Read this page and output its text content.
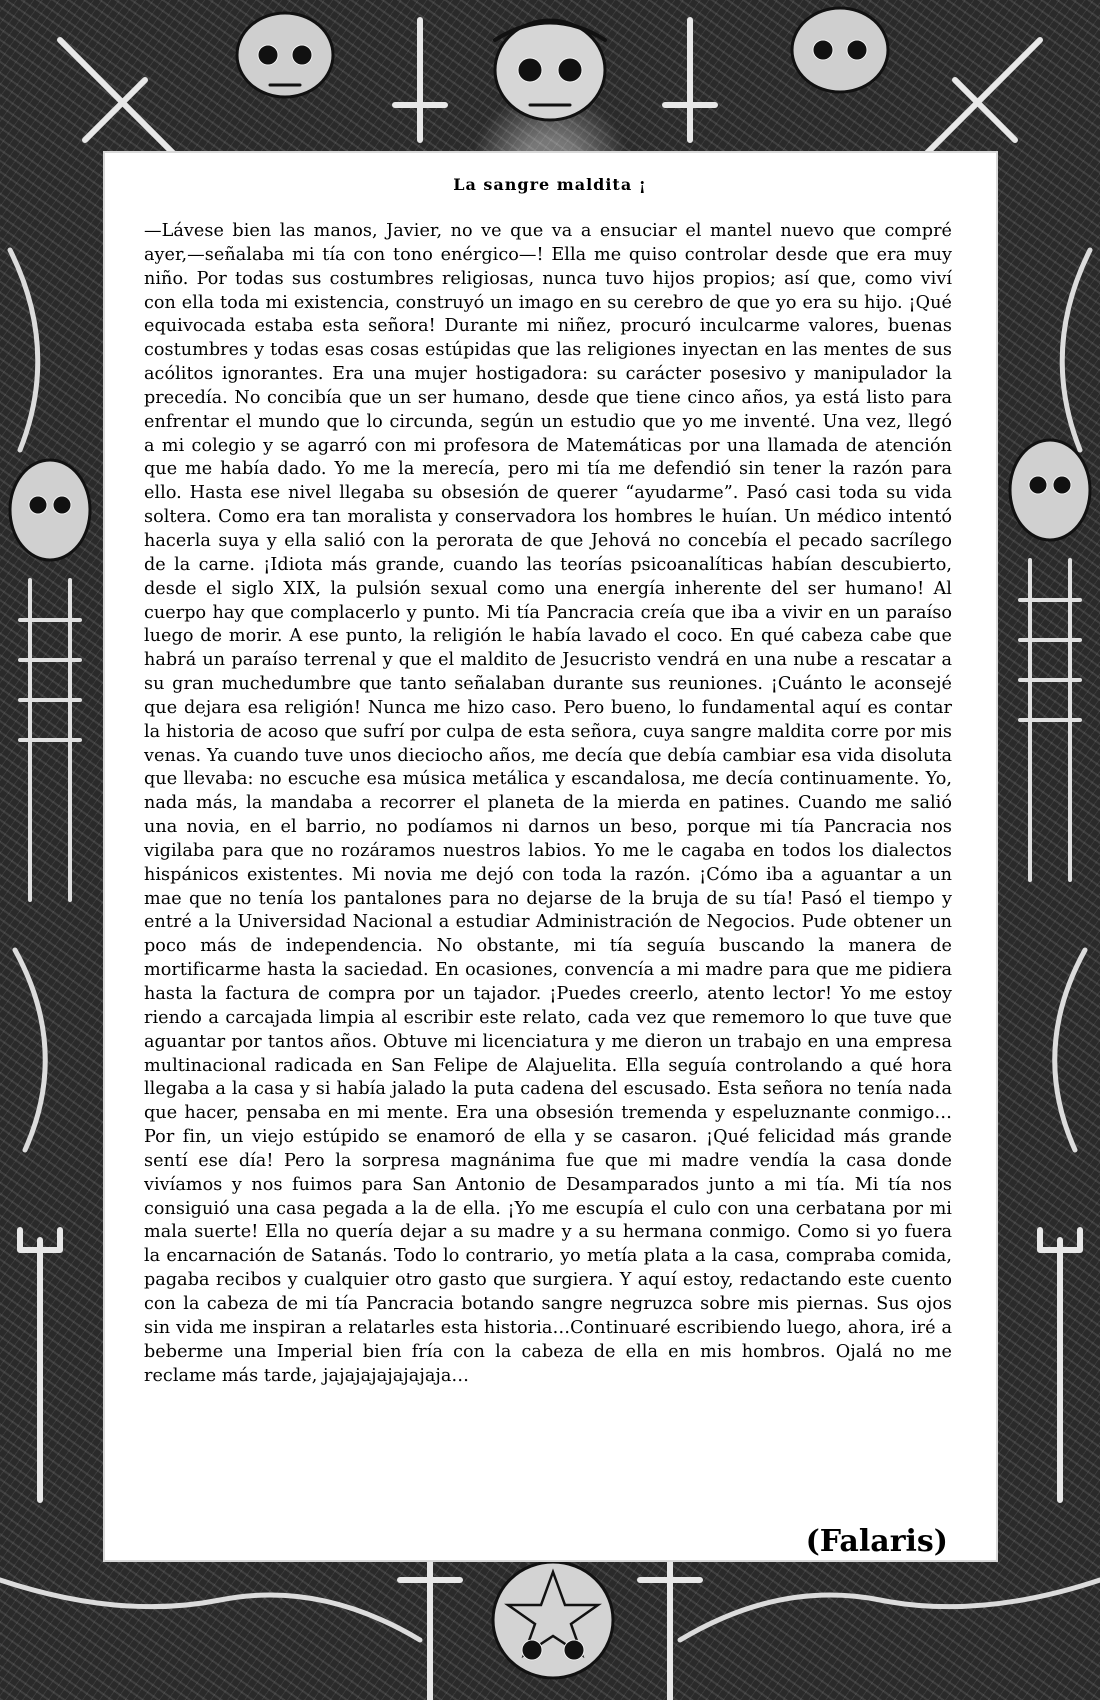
La sangre maldita ¡

—Lávese bien las manos, Javier, no ve que va a ensuciar el mantel nuevo que compré ayer,—señalaba mi tía con tono enérgico—! Ella me quiso controlar desde que era muy niño. Por todas sus costumbres religiosas, nunca tuvo hijos propios; así que, como viví con ella toda mi existencia, construyó un imago en su cerebro de que yo era su hijo. ¡Qué equivocada estaba esta señora! Durante mi niñez, procuró inculcarme valores, buenas costumbres y todas esas cosas estúpidas que las religiones inyectan en las mentes de sus acólitos ignorantes. Era una mujer hostigadora: su carácter posesivo y manipulador la precedía. No concibía que un ser humano, desde que tiene cinco años, ya está listo para enfrentar el mundo que lo circunda, según un estudio que yo me inventé. Una vez, llegó a mi colegio y se agarró con mi profesora de Matemáticas por una llamada de atención que me había dado. Yo me la merecía, pero mi tía me defendió sin tener la razón para ello. Hasta ese nivel llegaba su obsesión de querer “ayudarme”. Pasó casi toda su vida soltera. Como era tan moralista y conservadora los hombres le huían. Un médico intentó hacerla suya y ella salió con la perorata de que Jehová no concebía el pecado sacrílego de la carne. ¡Idiota más grande, cuando las teorías psicoanalíticas habían descubierto, desde el siglo XIX, la pulsión sexual como una energía inherente del ser humano! Al cuerpo hay que complacerlo y punto. Mi tía Pancracia creía que iba a vivir en un paraíso luego de morir. A ese punto, la religión le había lavado el coco. En qué cabeza cabe que habrá un paraíso terrenal y que el maldito de Jesucristo vendrá en una nube a rescatar a su gran muchedumbre que tanto señalaban durante sus reuniones. ¡Cuánto le aconsejé que dejara esa religión! Nunca me hizo caso. Pero bueno, lo fundamental aquí es contar la historia de acoso que sufrí por culpa de esta señora, cuya sangre maldita corre por mis venas. Ya cuando tuve unos dieciocho años, me decía que debía cambiar esa vida disoluta que llevaba: no escuche esa música metálica y escandalosa, me decía continuamente. Yo, nada más, la mandaba a recorrer el planeta de la mierda en patines. Cuando me salió una novia, en el barrio, no podíamos ni darnos un beso, porque mi tía Pancracia nos vigilaba para que no rozáramos nuestros labios. Yo me le cagaba en todos los dialectos hispánicos existentes. Mi novia me dejó con toda la razón. ¡Cómo iba a aguantar a un mae que no tenía los pantalones para no dejarse de la bruja de su tía! Pasó el tiempo y entré a la Universidad Nacional a estudiar Administración de Negocios. Pude obtener un poco más de independencia. No obstante, mi tía seguía buscando la manera de mortificarme hasta la saciedad. En ocasiones, convencía a mi madre para que me pidiera hasta la factura de compra por un tajador. ¡Puedes creerlo, atento lector! Yo me estoy riendo a carcajada limpia al escribir este relato, cada vez que rememoro lo que tuve que aguantar por tantos años. Obtuve mi licenciatura y me dieron un trabajo en una empresa multinacional radicada en San Felipe de Alajuelita. Ella seguía controlando a qué hora llegaba a la casa y si había jalado la puta cadena del escusado. Esta señora no tenía nada que hacer, pensaba en mi mente. Era una obsesión tremenda y espeluznante conmigo… Por fin, un viejo estúpido se enamoró de ella y se casaron. ¡Qué felicidad más grande sentí ese día! Pero la sorpresa magnánima fue que mi madre vendía la casa donde vivíamos y nos fuimos para San Antonio de Desamparados junto a mi tía. Mi tía nos consiguió una casa pegada a la de ella. ¡Yo me escupía el culo con una cerbatana por mi mala suerte! Ella no quería dejar a su madre y a su hermana conmigo. Como si yo fuera la encarnación de Satanás. Todo lo contrario, yo metía plata a la casa, compraba comida, pagaba recibos y cualquier otro gasto que surgiera. Y aquí estoy, redactando este cuento con la cabeza de mi tía Pancracia botando sangre negruzca sobre mis piernas. Sus ojos sin vida me inspiran a relatarles esta historia…Continuaré escribiendo luego, ahora, iré a beberme una Imperial bien fría con la cabeza de ella en mis hombros. Ojalá no me reclame más tarde, jajajajajajajaja…

(Falaris)
